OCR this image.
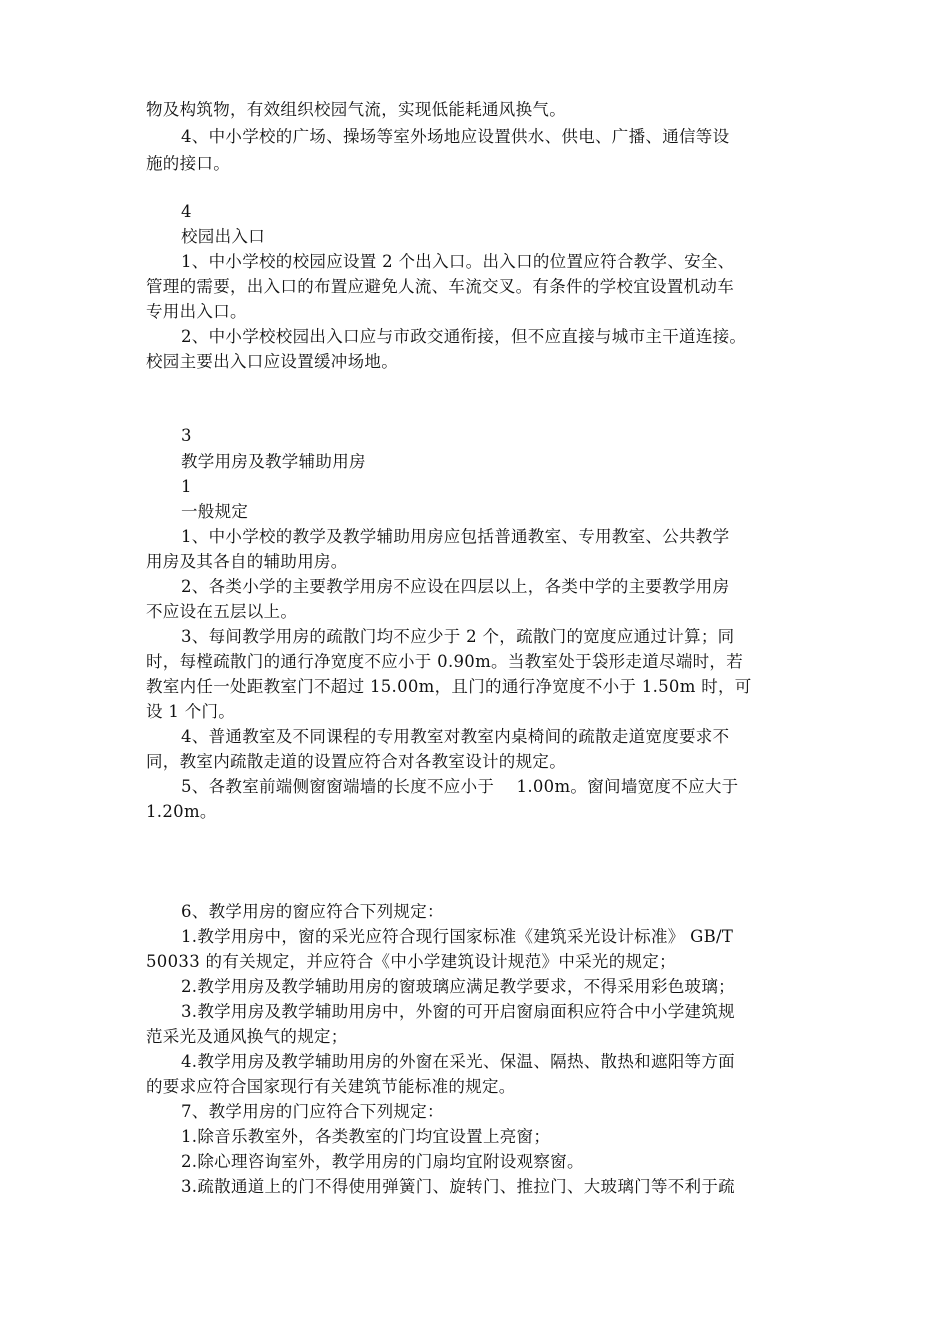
物及构筑物，有效组织校园气流，实现低能耗通风换气。
4、中小学校的广场、操场等室外场地应设置供水、供电、广播、通信等设
施的接口。
4
校园出入口
1、中小学校的校园应设置 2 个出入口。出入口的位置应符合教学、安全、
管理的需要，出入口的布置应避免人流、车流交叉。有条件的学校宜设置机动车
专用出入口。
2、中小学校校园出入口应与市政交通衔接，但不应直接与城市主干道连接。
校园主要出入口应设置缓冲场地。
3
教学用房及教学辅助用房
1
一般规定
1、中小学校的教学及教学辅助用房应包括普通教室、专用教室、公共教学
用房及其各自的辅助用房。
2、各类小学的主要教学用房不应设在四层以上，各类中学的主要教学用房
不应设在五层以上。
3、每间教学用房的疏散门均不应少于 2 个，疏散门的宽度应通过计算；同
时，每樘疏散门的通行净宽度不应小于 0.90m。当教室处于袋形走道尽端时，若
教室内任一处距教室门不超过 15.00m，且门的通行净宽度不小于 1.50m 时，可
设 1 个门。
4、普通教室及不同课程的专用教室对教室内桌椅间的疏散走道宽度要求不
同，教室内疏散走道的设置应符合对各教室设计的规定。
5、各教室前端侧窗窗端墙的长度不应小于　 1.00m。窗间墙宽度不应大于
1.20m。
6、教学用房的窗应符合下列规定：
1.教学用房中，窗的采光应符合现行国家标准《建筑采光设计标准》 GB/T
50033 的有关规定，并应符合《中小学建筑设计规范》中采光的规定；
2.教学用房及教学辅助用房的窗玻璃应满足教学要求，不得采用彩色玻璃；
3.教学用房及教学辅助用房中，外窗的可开启窗扇面积应符合中小学建筑规
范采光及通风换气的规定；
4.教学用房及教学辅助用房的外窗在采光、保温、隔热、散热和遮阳等方面
的要求应符合国家现行有关建筑节能标准的规定。
7、教学用房的门应符合下列规定：
1.除音乐教室外，各类教室的门均宜设置上亮窗；
2.除心理咨询室外，教学用房的门扇均宜附设观察窗。
3.疏散通道上的门不得使用弹簧门、旋转门、推拉门、大玻璃门等不利于疏
